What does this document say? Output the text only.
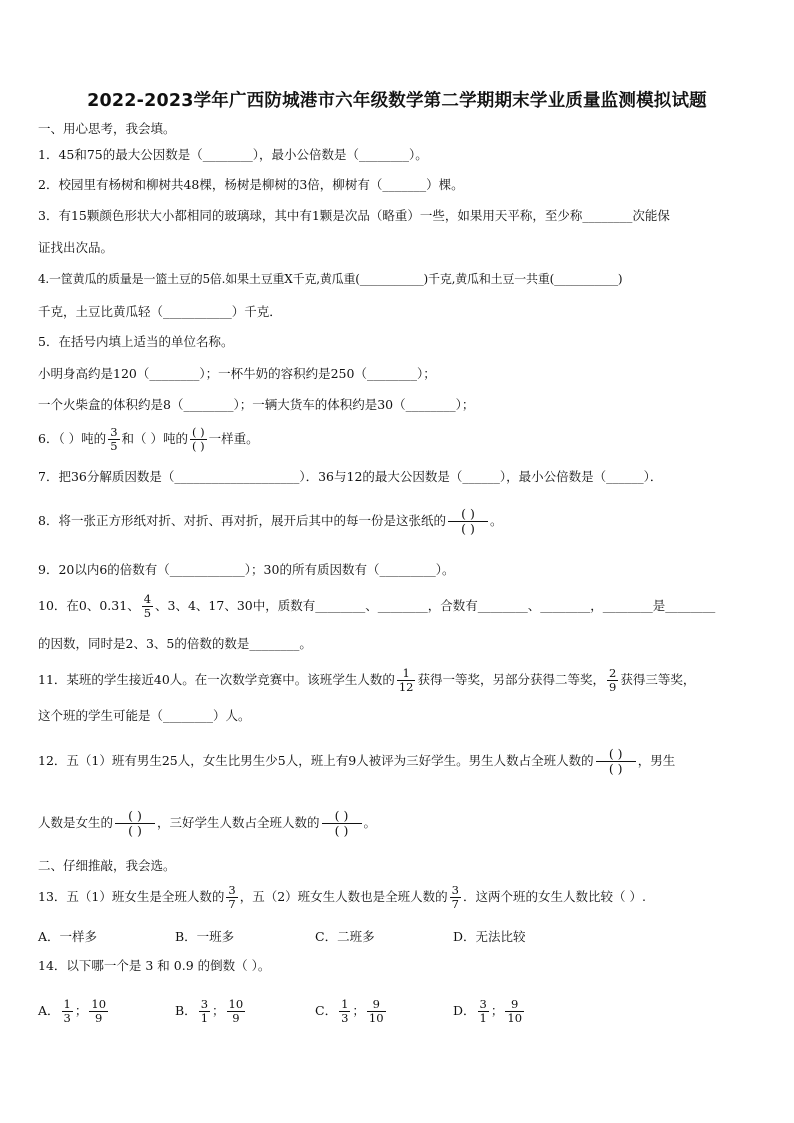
2022-2023学年广西防城港市六年级数学第二学期期末学业质量监测模拟试题
一、用心思考，我会填。
1．45和75的最大公因数是（________），最小公倍数是（________）。
2．校园里有杨树和柳树共48棵，杨树是柳树的3倍，柳树有（_______）棵。
3．有15颗颜色形状大小都相同的玻璃球，其中有1颗是次品（略重）一些，如果用天平称，至少称________次能保
证找出次品。
4.一筐黄瓜的质量是一篮土豆的5倍.如果土豆重X千克,黄瓜重(___________)千克,黄瓜和土豆一共重(___________)
千克，土豆比黄瓜轻（___________）千克．
5．在括号内填上适当的单位名称。
小明身高约是120（________）；一杯牛奶的容积约是250（________）；
一个火柴盒的体积约是8（________）；一辆大货车的体积约是30（________）；
6．（ ）吨的 $\frac{3}{5}$ 和（ ）吨的 $\frac{( )}{( )}$ 一样重。
7．把36分解质因数是（____________________）．36与12的最大公因数是（______），最小公倍数是（______）．
8．将一张正方形纸对折、对折、再对折，展开后其中的每一份是这张纸的 $\frac{( )}{( )}$ 。
9．20以内6的倍数有（____________）；30的所有质因数有（_________）。
10．在0、0.31、 $\frac{4}{5}$ 、3、4、17、30中，质数有________、________，合数有________、________，________是________
的因数，同时是2、3、5的倍数的数是________。
11．某班的学生接近40人。在一次数学竞赛中。该班学生人数的 $\frac{1}{12}$ 获得一等奖，另部分获得二等奖， $\frac{2}{9}$ 获得三等奖，
这个班的学生可能是（________）人。
12．五（1）班有男生25人，女生比男生少5人，班上有9人被评为三好学生。男生人数占全班人数的 $\frac{( )}{( )}$ ，男生
人数是女生的 $\frac{( )}{( )}$ ，三好学生人数占全班人数的 $\frac{( )}{( )}$ 。
二、仔细推敲，我会选。
13．五（1）班女生是全班人数的 $\frac{3}{7}$ ，五（2）班女生人数也是全班人数的 $\frac{3}{7}$ ．这两个班的女生人数比较（ ）.
A．一样多	B．一班多	C．二班多	D．无法比较
14．以下哪一个是 3 和 0.9 的倒数（ ）。
A． $\frac{1}{3}$ ； $\frac{10}{9}$	B． $\frac{3}{1}$ ； $\frac{10}{9}$	C． $\frac{1}{3}$ ； $\frac{9}{10}$	D． $\frac{3}{1}$ ； $\frac{9}{10}$
